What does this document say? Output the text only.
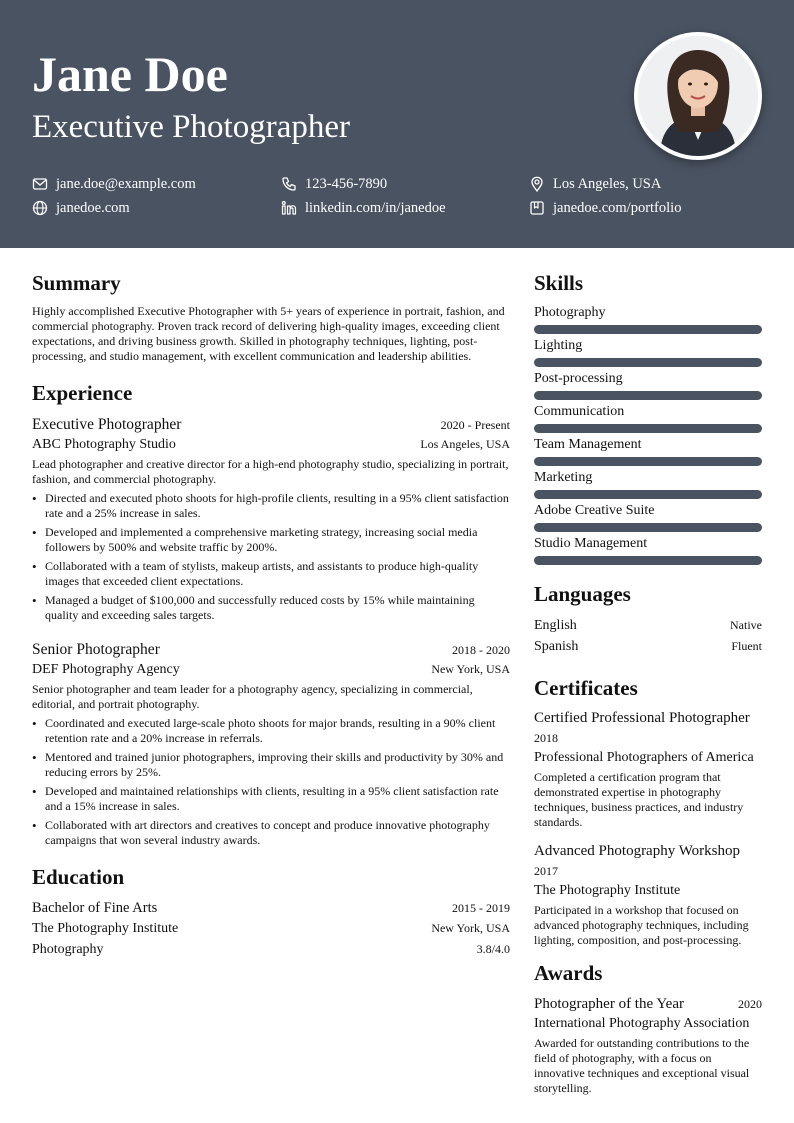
Jane Doe
Executive Photographer
jane.doe@example.com	123-456-7890	Los Angeles, USA
janedoe.com	linkedin.com/in/janedoe	janedoe.com/portfolio
Summary

Highly accomplished Executive Photographer with 5+ years of experience in portrait, fashion, and commercial photography. Proven track record of delivering high-quality images, exceeding client expectations, and driving business growth. Skilled in photography techniques, lighting, post-processing, and studio management, with excellent communication and leadership abilities.

Experience
Executive Photographer	2020 - Present
ABC Photography Studio	Los Angeles, USA

Lead photographer and creative director for a high-end photography studio, specializing in portrait, fashion, and commercial photography.

• Directed and executed photo shoots for high-profile clients, resulting in a 95% client satisfaction rate and a 25% increase in sales.
• Developed and implemented a comprehensive marketing strategy, increasing social media followers by 500% and website traffic by 200%.
• Collaborated with a team of stylists, makeup artists, and assistants to produce high-quality images that exceeded client expectations.
• Managed a budget of $100,000 and successfully reduced costs by 15% while maintaining quality and exceeding sales targets.
Senior Photographer	2018 - 2020
DEF Photography Agency	New York, USA

Senior photographer and team leader for a photography agency, specializing in commercial, editorial, and portrait photography.

• Coordinated and executed large-scale photo shoots for major brands, resulting in a 90% client retention rate and a 20% increase in referrals.
• Mentored and trained junior photographers, improving their skills and productivity by 30% and reducing errors by 25%.
• Developed and maintained relationships with clients, resulting in a 95% client satisfaction rate and a 15% increase in sales.
• Collaborated with art directors and creatives to concept and produce innovative photography campaigns that won several industry awards.
Education
Bachelor of Fine Arts	2015 - 2019
The Photography Institute	New York, USA
Photography	3.8/4.0
Skills
Photography
Lighting
Post-processing
Communication
Team Management
Marketing
Adobe Creative Suite
Studio Management
Languages
English	Native
Spanish	Fluent
Certificates
Certified Professional Photographer
2018
Professional Photographers of America
Completed a certification program that demonstrated expertise in photography techniques, business practices, and industry standards.
Advanced Photography Workshop
2017
The Photography Institute
Participated in a workshop that focused on advanced photography techniques, including lighting, composition, and post-processing.
Awards
Photographer of the Year	2020
International Photography Association
Awarded for outstanding contributions to the field of photography, with a focus on innovative techniques and exceptional visual storytelling.
